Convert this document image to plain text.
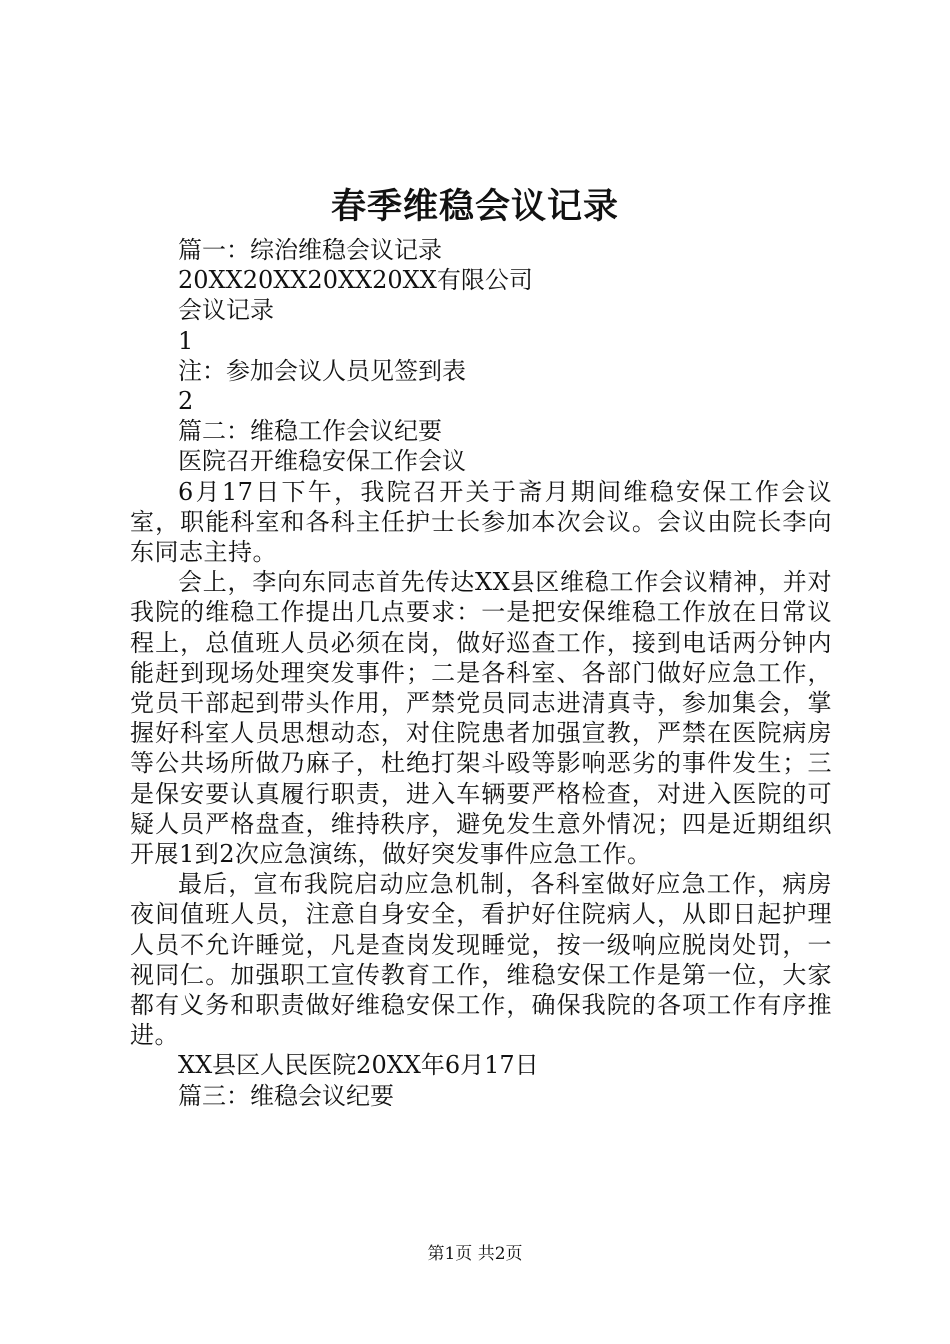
春季维稳会议记录

篇一：综治维稳会议记录

20XX20XX20XX20XX有限公司

会议记录

1

注：参加会议人员见签到表

2

篇二：维稳工作会议纪要

医院召开维稳安保工作会议

6月17日下午，我院召开关于斋月期间维稳安保工作会议室，职能科室和各科主任护士长参加本次会议。会议由院长李向东同志主持。

会上，李向东同志首先传达XX县区维稳工作会议精神，并对我院的维稳工作提出几点要求：一是把安保维稳工作放在日常议程上，总值班人员必须在岗，做好巡查工作，接到电话两分钟内能赶到现场处理突发事件；二是各科室、各部门做好应急工作，党员干部起到带头作用，严禁党员同志进清真寺，参加集会，掌握好科室人员思想动态，对住院患者加强宣教，严禁在医院病房等公共场所做乃麻子，杜绝打架斗殴等影响恶劣的事件发生；三是保安要认真履行职责，进入车辆要严格检查，对进入医院的可疑人员严格盘查，维持秩序，避免发生意外情况；四是近期组织开展1到2次应急演练，做好突发事件应急工作。

最后，宣布我院启动应急机制，各科室做好应急工作，病房夜间值班人员，注意自身安全，看护好住院病人，从即日起护理人员不允许睡觉，凡是查岗发现睡觉，按一级响应脱岗处罚，一视同仁。加强职工宣传教育工作，维稳安保工作是第一位，大家都有义务和职责做好维稳安保工作，确保我院的各项工作有序推进。

XX县区人民医院20XX年6月17日

篇三：维稳会议纪要

第1页 共2页
